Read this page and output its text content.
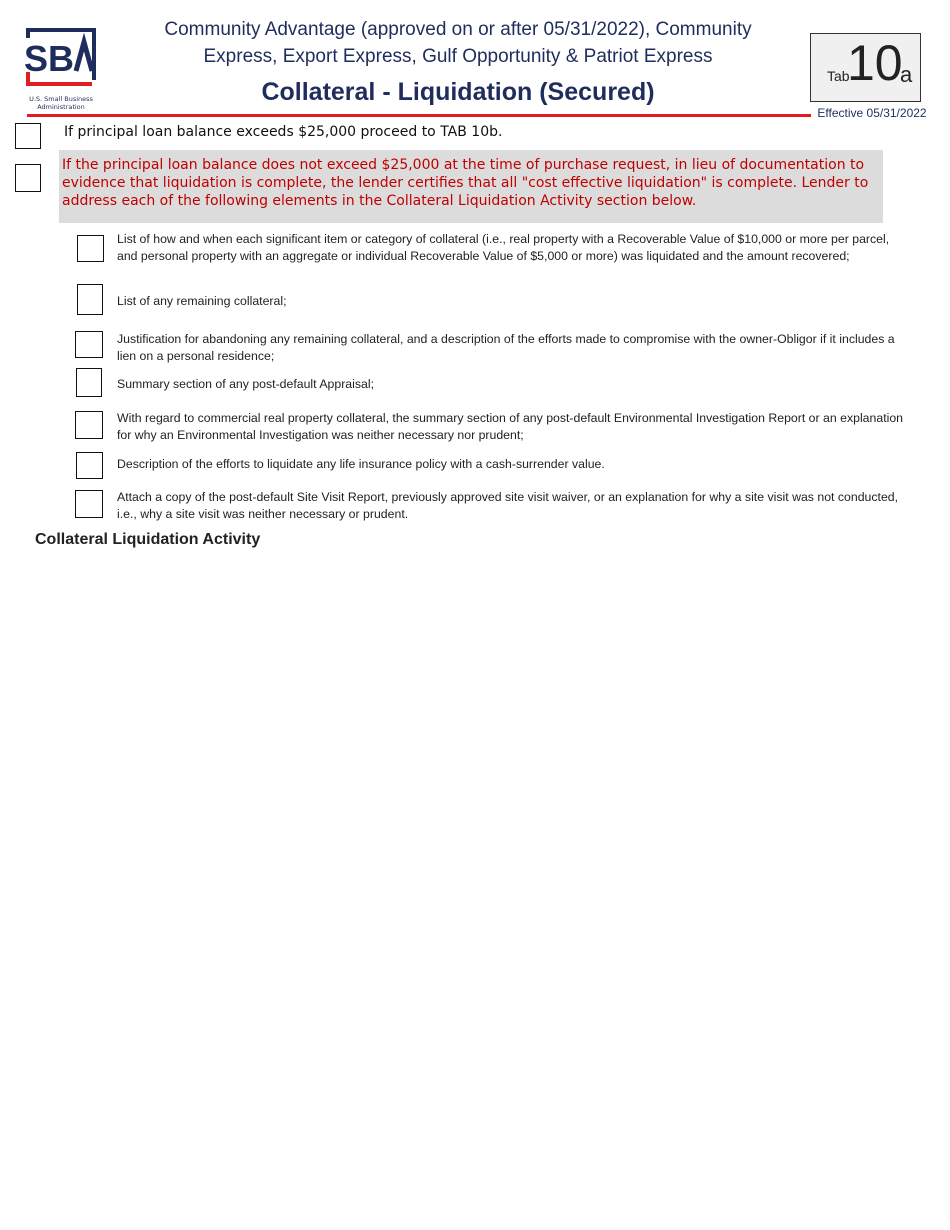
SB
U.S. Small Business Administration
Community Advantage (approved on or after 05/31/2022), Community
Express, Export Express, Gulf Opportunity & Patriot Express
Collateral - Liquidation (Secured)
Tab
10
a
Effective 05/31/2022
If principal loan balance exceeds $25,000 proceed to TAB 10b.
If the principal loan balance does not exceed $25,000 at the time of purchase request, in lieu of documentation to evidence that liquidation is complete, the lender certifies that all "cost effective liquidation" is complete. Lender to address each of the following elements in the Collateral Liquidation Activity section below.
List of how and when each significant item or category of collateral (i.e., real property with a Recoverable Value of $10,000 or more per parcel, and personal property with an aggregate or individual Recoverable Value of $5,000 or more) was liquidated and the amount recovered;
List of any remaining collateral;
Justification for abandoning any remaining collateral, and a description of the efforts made to compromise with the owner-Obligor if it includes a lien on a personal residence;
Summary section of any post-default Appraisal;
With regard to commercial real property collateral, the summary section of any post-default Environmental Investigation Report or an explanation for why an Environmental Investigation was neither necessary nor prudent;
Description of the efforts to liquidate any life insurance policy with a cash-surrender value.
Attach a copy of the post-default Site Visit Report, previously approved site visit waiver, or an explanation for why a site visit was not conducted, i.e., why a site visit was neither necessary or prudent.
Collateral Liquidation Activity
